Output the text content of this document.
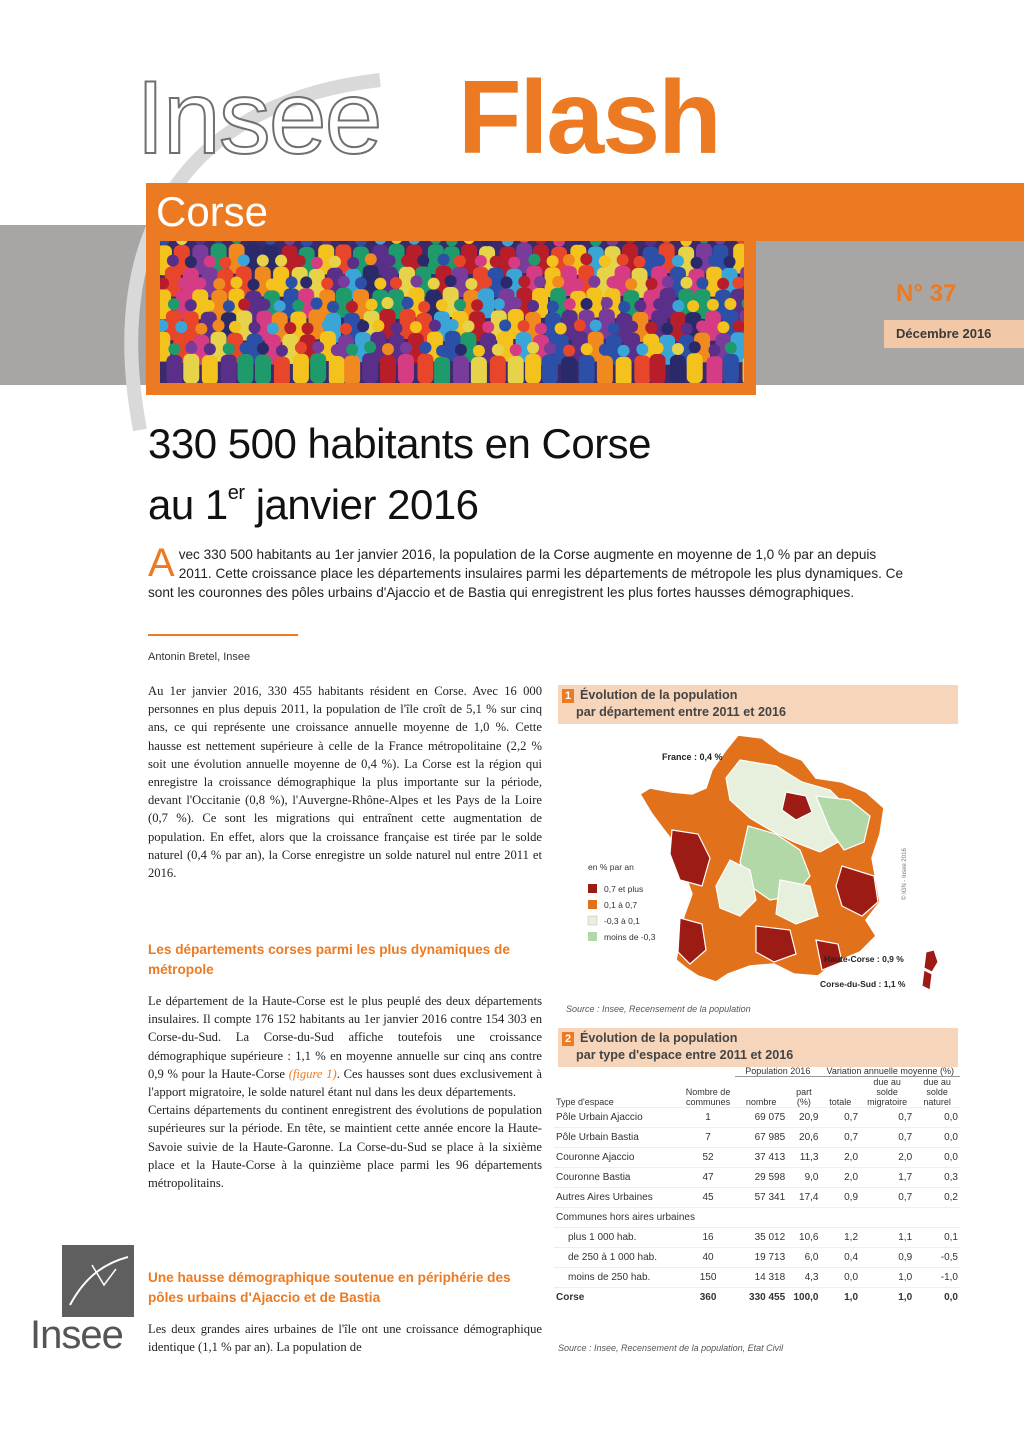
Insee Flash
Corse
N° 37
Décembre 2016
330 500 habitants en Corse
au 1er janvier 2016
Avec 330 500 habitants au 1er janvier 2016, la population de la Corse augmente en moyenne de 1,0 % par an depuis 2011. Cette croissance place les départements insulaires parmi les départements de métropole les plus dynamiques. Ce sont les couronnes des pôles urbains d'Ajaccio et de Bastia qui enregistrent les plus fortes hausses démographiques.
Antonin Bretel, Insee
Au 1er janvier 2016, 330 455 habitants résident en Corse. Avec 16 000 personnes en plus depuis 2011, la population de l'île croît de 5,1 % sur cinq ans, ce qui représente une croissance annuelle moyenne de 1,0 %. Cette hausse est nettement supérieure à celle de la France métropolitaine (2,2 % soit une évolution annuelle moyenne de 0,4 %). La Corse est la région qui enregistre la croissance démographique la plus importante sur la période, devant l'Occitanie (0,8 %), l'Auvergne-Rhône-Alpes et les Pays de la Loire (0,7 %). Ce sont les migrations qui entraînent cette augmentation de population. En effet, alors que la croissance française est tirée par le solde naturel (0,4 % par an), la Corse enregistre un solde naturel nul entre 2011 et 2016.
Les départements corses parmi les plus dynamiques de métropole
Le département de la Haute-Corse est le plus peuplé des deux départements insulaires. Il compte 176 152 habitants au 1er janvier 2016 contre 154 303 en Corse-du-Sud. La Corse-du-Sud affiche toutefois une croissance démographique supérieure : 1,1 % en moyenne annuelle sur cinq ans contre 0,9 % pour la Haute-Corse (figure 1). Ces hausses sont dues exclusivement à l'apport migratoire, le solde naturel étant nul dans les deux départements.
Certains départements du continent enregistrent des évolutions de population supérieures sur la période. En tête, se maintient cette année encore la Haute-Savoie suivie de la Haute-Garonne. La Corse-du-Sud se place à la sixième place et la Haute-Corse à la quinzième place parmi les 96 départements métropolitains.
Une hausse démographique soutenue en périphérie des pôles urbains d'Ajaccio et de Bastia
Les deux grandes aires urbaines de l'île ont une croissance démographique identique (1,1 % par an). La population de
1 Évolution de la population
par département entre 2011 et 2016
France : 0,4 %
en % par an
0,7 et plus
0,1 à 0,7
-0,3 à 0,1
moins de -0,3
Haute-Corse : 0,9 %
Corse-du-Sud : 1,1 %
© IGN - Insee 2016
Source : Insee, Recensement de la population
2 Évolution de la population
par type d'espace entre 2011 et 2016
Type d'espace	Nombre de communes	Population 2016		Variation annuelle moyenne (%)		
		nombre	part (%)	totale	due au solde migratoire	due au solde naturel
Pôle Urbain Ajaccio	1	69 075	20,9	0,7	0,7	0,0
Pôle Urbain Bastia	7	67 985	20,6	0,7	0,7	0,0
Couronne Ajaccio	52	37 413	11,3	2,0	2,0	0,0
Couronne Bastia	47	29 598	9,0	2,0	1,7	0,3
Autres Aires Urbaines	45	57 341	17,4	0,9	0,7	0,2
Communes hors aires urbaines						
plus 1 000 hab.	16	35 012	10,6	1,2	1,1	0,1
de 250 à 1 000 hab.	40	19 713	6,0	0,4	0,9	-0,5
moins de 250 hab.	150	14 318	4,3	0,0	1,0	-1,0
Corse	360	330 455	100,0	1,0	1,0	0,0
Source : Insee, Recensement de la population, Etat Civil
Insee
